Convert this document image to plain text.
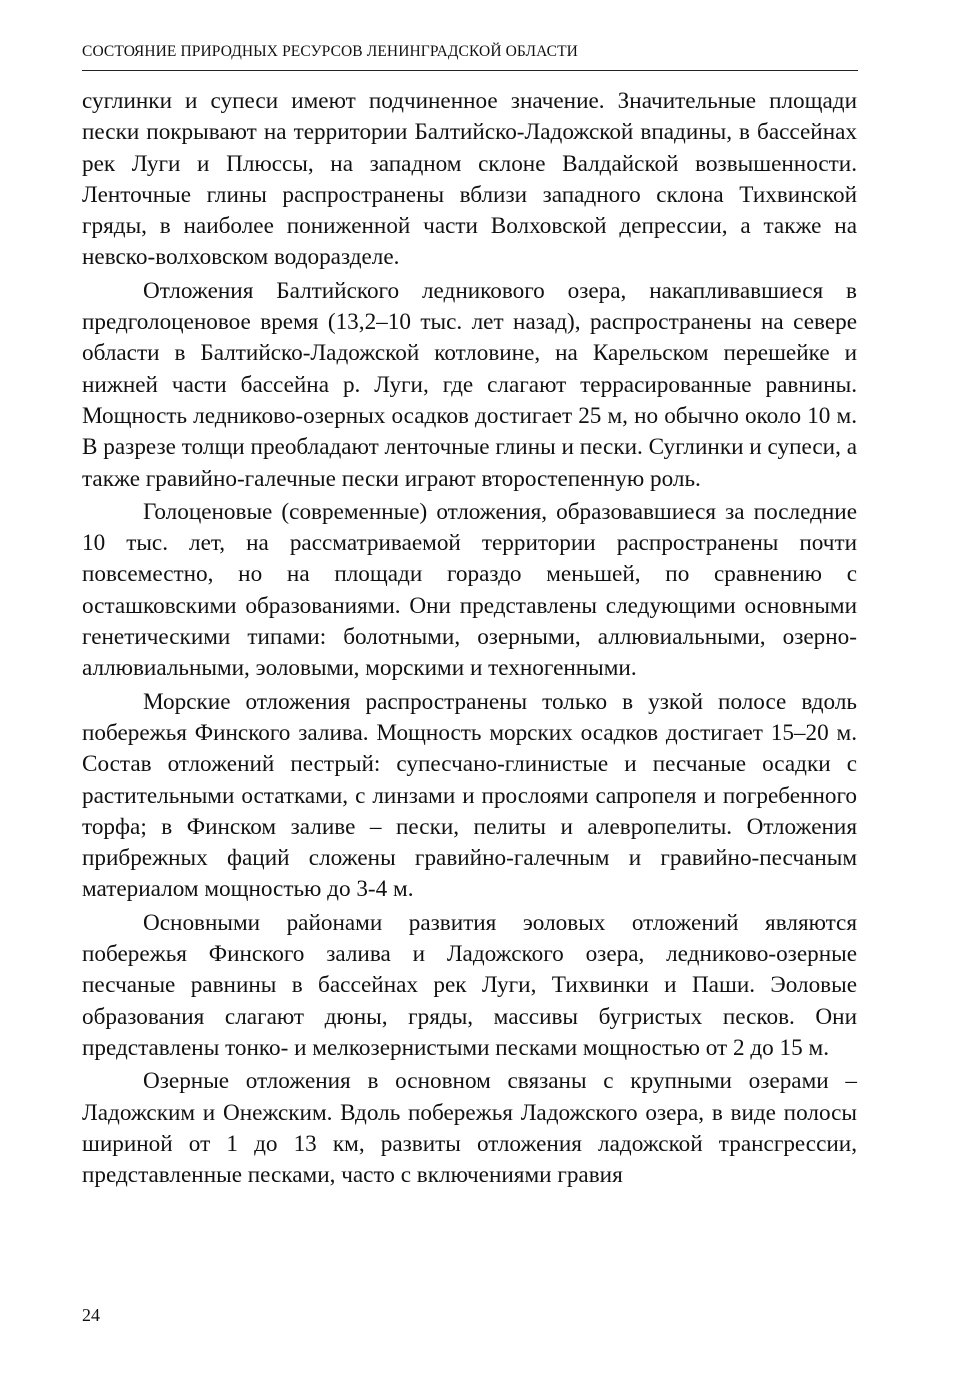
СОСТОЯНИЕ ПРИРОДНЫХ РЕСУРСОВ ЛЕНИНГРАДСКОЙ ОБЛАСТИ

суглинки и супеси имеют подчиненное значение. Значительные площади пески покрывают на территории Балтийско-Ладожской впадины, в бассейнах рек Луги и Плюссы, на западном склоне Валдайской возвышенности. Ленточные глины распространены вблизи западного склона Тихвинской гряды, в наиболее пониженной части Волховской депрессии, а также на невско-волховском водоразделе.

Отложения Балтийского ледникового озера, накапливавшиеся в предголоценовое время (13,2–10 тыс. лет назад), распространены на севере области в Балтийско-Ладожской котловине, на Карельском перешейке и нижней части бассейна р. Луги, где слагают террасированные равнины. Мощность ледниково-озерных осадков достигает 25 м, но обычно около 10 м. В разрезе толщи преобладают ленточные глины и пески. Суглинки и супеси, а также гравийно-галечные пески играют второстепенную роль.

Голоценовые (современные) отложения, образовавшиеся за последние 10 тыс. лет, на рассматриваемой территории распространены почти повсеместно, но на площади гораздо меньшей, по сравнению с осташковскими образованиями. Они представлены следующими основными генетическими типами: болотными, озерными, аллювиальными, озерно-аллювиальными, эоловыми, морскими и техногенными.

Морские отложения распространены только в узкой полосе вдоль побережья Финского залива. Мощность морских осадков достигает 15–20 м. Состав отложений пестрый: супесчано-глинистые и песчаные осадки с растительными остатками, с линзами и прослоями сапропеля и погребенного торфа; в Финском заливе – пески, пелиты и алевропелиты. Отложения прибрежных фаций сложены гравийно-галечным и гравийно-песчаным материалом мощностью до 3-4 м.

Основными районами развития эоловых отложений являются побережья Финского залива и Ладожского озера, ледниково-озерные песчаные равнины в бассейнах рек Луги, Тихвинки и Паши. Эоловые образования слагают дюны, гряды, массивы бугристых песков. Они представлены тонко- и мелкозернистыми песками мощностью от 2 до 15 м.

Озерные отложения в основном связаны с крупными озерами – Ладожским и Онежским. Вдоль побережья Ладожского озера, в виде полосы шириной от 1 до 13 км, развиты отложения ладожской трансгрессии, представленные песками, часто с включениями гравия

24
